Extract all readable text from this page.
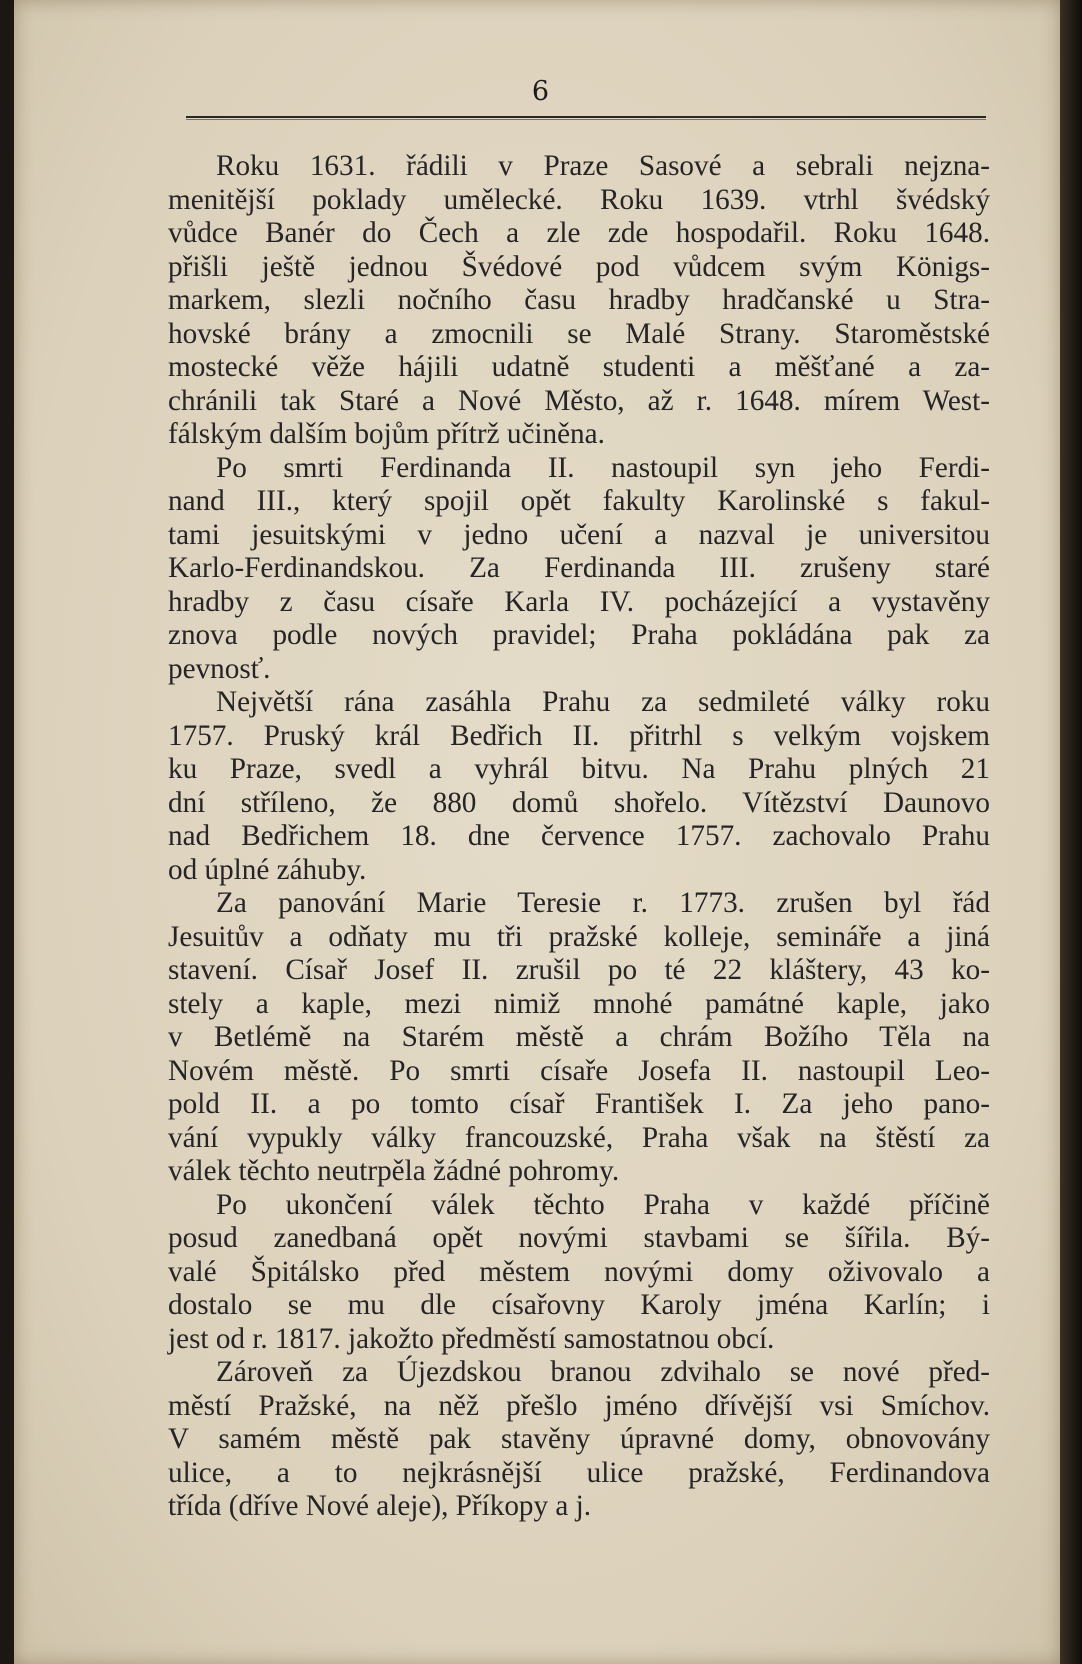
6
Roku 1631. řádili v Praze Sasové a sebrali nejzna-
menitější poklady umělecké. Roku 1639. vtrhl švédský
vůdce Banér do Čech a zle zde hospodařil. Roku 1648.
přišli ještě jednou Švédové pod vůdcem svým Königs-
markem, slezli nočního času hradby hradčanské u Stra-
hovské brány a zmocnili se Malé Strany. Staroměstské
mostecké věže hájili udatně studenti a měšťané a za-
chránili tak Staré a Nové Město, až r. 1648. mírem West-
fálským dalším bojům přítrž učiněna.
Po smrti Ferdinanda II. nastoupil syn jeho Ferdi-
nand III., který spojil opět fakulty Karolinské s fakul-
tami jesuitskými v jedno učení a nazval je universitou
Karlo-Ferdinandskou. Za Ferdinanda III. zrušeny staré
hradby z času císaře Karla IV. pocházející a vystavěny
znova podle nových pravidel; Praha pokládána pak za
pevnosť.
Největší rána zasáhla Prahu za sedmileté války roku
1757. Pruský král Bedřich II. přitrhl s velkým vojskem
ku Praze, svedl a vyhrál bitvu. Na Prahu plných 21
dní stříleno, že 880 domů shořelo. Vítězství Daunovo
nad Bedřichem 18. dne července 1757. zachovalo Prahu
od úplné záhuby.
Za panování Marie Teresie r. 1773. zrušen byl řád
Jesuitův a odňaty mu tři pražské kolleje, semináře a jiná
stavení. Císař Josef II. zrušil po té 22 kláštery, 43 ko-
stely a kaple, mezi nimiž mnohé památné kaple, jako
v Betlémě na Starém městě a chrám Božího Těla na
Novém městě. Po smrti císaře Josefa II. nastoupil Leo-
pold II. a po tomto císař František I. Za jeho pano-
vání vypukly války francouzské, Praha však na štěstí za
válek těchto neutrpěla žádné pohromy.
Po ukončení válek těchto Praha v každé příčině
posud zanedbaná opět novými stavbami se šířila. Bý-
valé Špitálsko před městem novými domy oživovalo a
dostalo se mu dle císařovny Karoly jména Karlín; i
jest od r. 1817. jakožto předměstí samostatnou obcí.
Zároveň za Újezdskou branou zdvihalo se nové před-
městí Pražské, na něž přešlo jméno dřívější vsi Smíchov.
V samém městě pak stavěny úpravné domy, obnovovány
ulice, a to nejkrásnější ulice pražské, Ferdinandova
třída (dříve Nové aleje), Příkopy a j.
